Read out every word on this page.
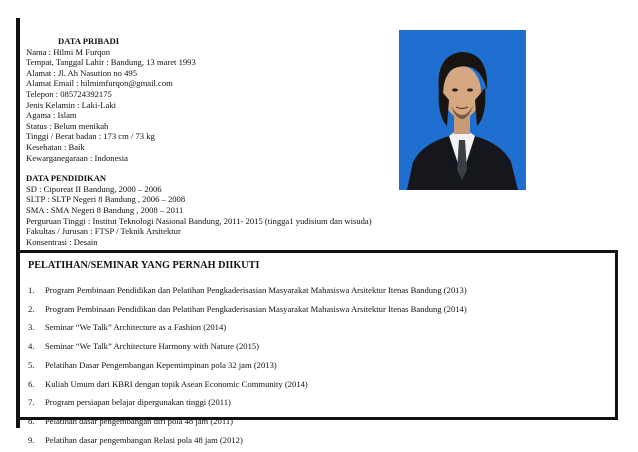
DATA PRIBADI
Nama : Hilmi M Furqon
Tempat, Tanggal Lahir : Bandung, 13 maret 1993
Alamat : Jl. Ah Nasution no 495
Alamat Email : hilmimfurqon@gmail.com
Telepon : 085724392175
Jenis Kelamin : Laki-Laki
Agama : Islam
Status : Belum menikah
Tinggi / Berat badan : 173 cm / 73 kg
Kesehatan : Baik
Kewarganegaraan : Indonesia
DATA PENDIDIKAN
SD : Ciporeat II Bandung, 2000 – 2006
SLTP : SLTP Negeri 8 Bandung , 2006 – 2008
SMA : SMA Negeri 8 Bandung , 2008 – 2011
Perguruan Tinggi : Institut Teknologi Nasional Bandung, 2011- 2015 (tingga1 yudisium dan wisuda)
Fakultas / Jurusan : FTSP / Teknik Arsitektur
Konsentrasi : Desain
PELATIHAN/SEMINAR YANG PERNAH DIIKUTI
1. Program Pembinaan Pendidikan dan Pelatihan Pengkaderisasian Masyarakat Mahasiswa Arsitektur Itenas Bandung (2013)
2. Program Pembinaan Pendidikan dan Pelatihan Pengkaderisasian Masyarakat Mahasiswa Arsitektur Itenas Bandung (2014)
3. Seminar “We Talk” Architecture as a Fashion (2014)
4. Seminar “We Talk” Architecture Harmony with Nature (2015)
5. Pelatihan Dasar Pengembangan Kepemimpinan pola 32 jam (2013)
6. Kuliah Umum dari KBRI dengan topik Asean Economic Community (2014)
7. Program persiapan belajar dipergunakan tinggi (2011)
8. Pelatihan dasar pengembangan diri pola 48 jam (2011)
9. Pelatihan dasar pengembangan Relasi pola 48 jam (2012)
